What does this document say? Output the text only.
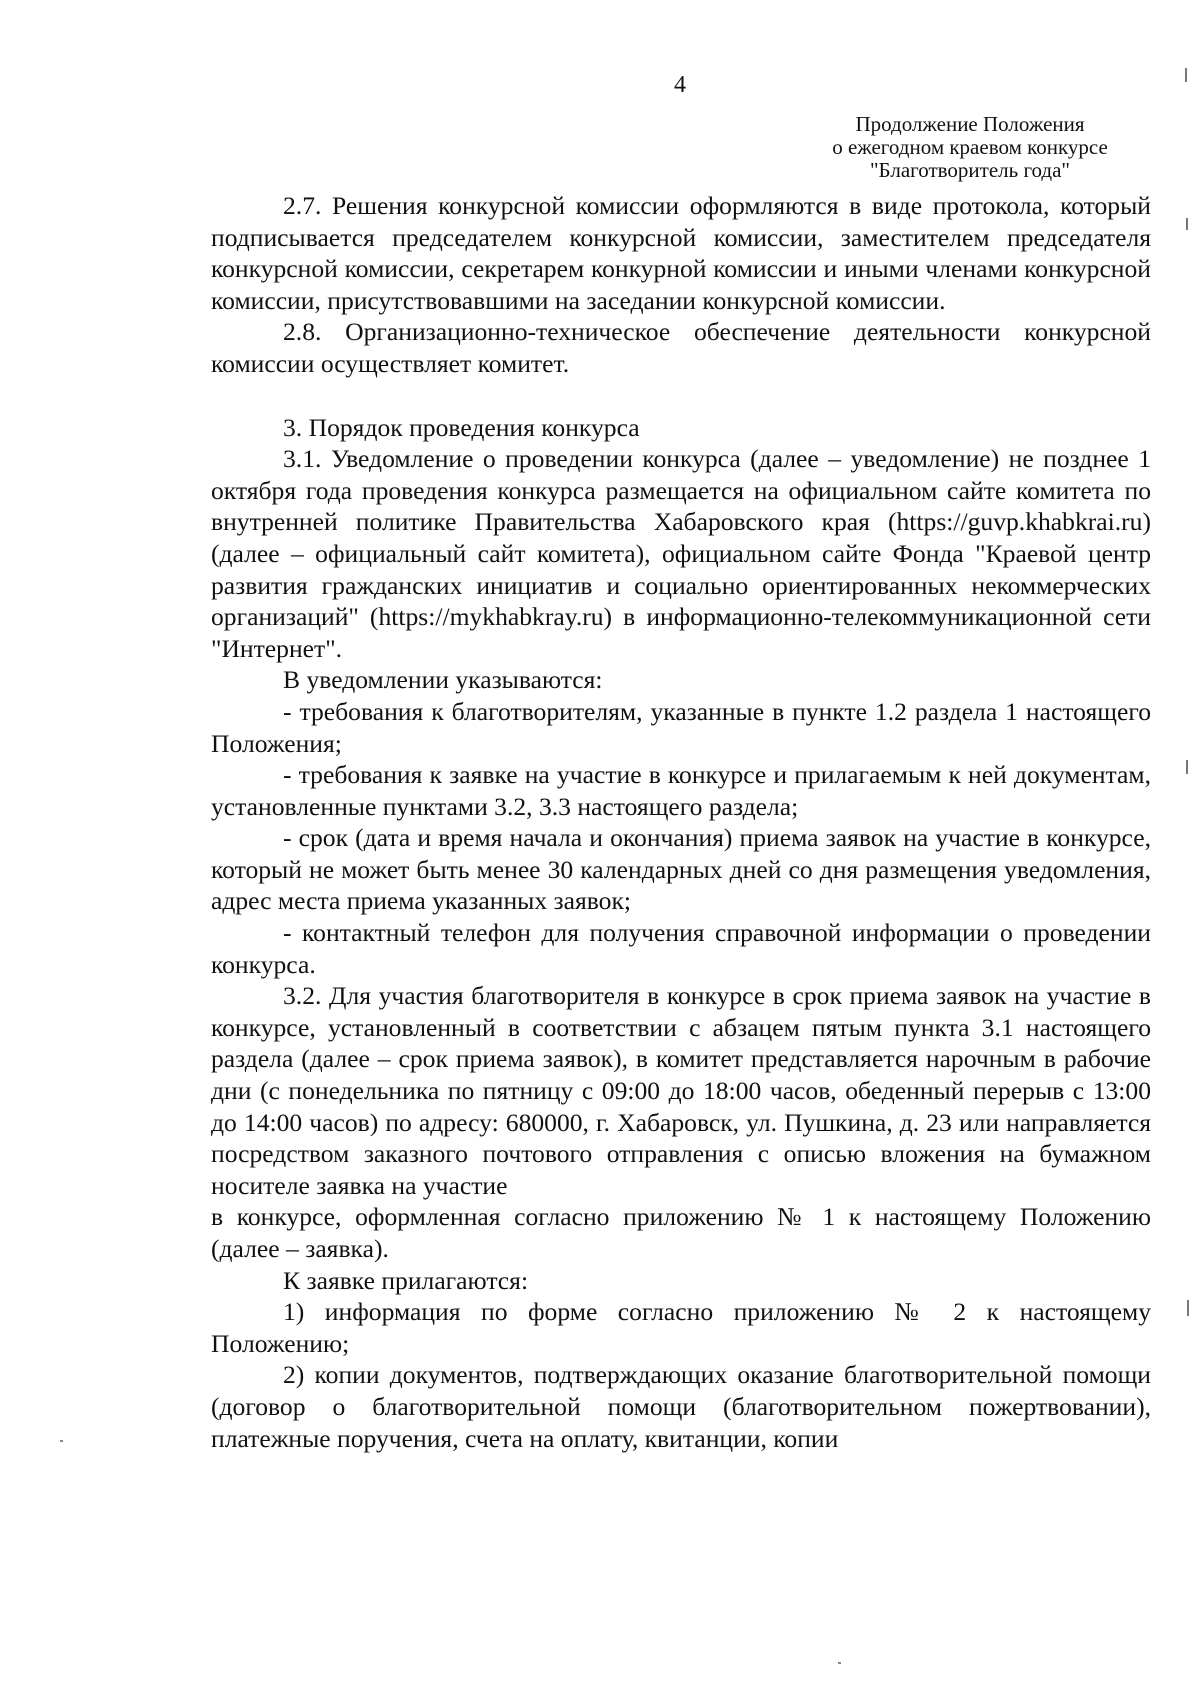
4
Продолжение Положения
о ежегодном краевом конкурсе
"Благотворитель года"

2.7. Решения конкурсной комиссии оформляются в виде протокола, который подписывается председателем конкурсной комиссии, заместителем председателя конкурсной комиссии, секретарем конкурной комиссии и иными членами конкурсной комиссии, присутствовавшими на заседании конкурсной комиссии.

2.8. Организационно-техническое обеспечение деятельности конкурсной комиссии осуществляет комитет.

3. Порядок проведения конкурса

3.1. Уведомление о проведении конкурса (далее – уведомление) не позднее 1 октября года проведения конкурса размещается на официальном сайте комитета по внутренней политике Правительства Хабаровского края (https://guvp.khabkrai.ru) (далее – официальный сайт комитета), официальном сайте Фонда "Краевой центр развития гражданских инициатив и социально ориентированных некоммерческих организаций" (https://mykhabkray.ru) в информационно-телекоммуникационной сети "Интернет".

В уведомлении указываются:

- требования к благотворителям, указанные в пункте 1.2 раздела 1 настоящего Положения;

- требования к заявке на участие в конкурсе и прилагаемым к ней документам, установленные пунктами 3.2, 3.3 настоящего раздела;

- срок (дата и время начала и окончания) приема заявок на участие в конкурсе, который не может быть менее 30 календарных дней со дня размещения уведомления, адрес места приема указанных заявок;

- контактный телефон для получения справочной информации о проведении конкурса.

3.2. Для участия благотворителя в конкурсе в срок приема заявок на участие в конкурсе, установленный в соответствии с абзацем пятым пункта 3.1 настоящего раздела (далее – срок приема заявок), в комитет представляется нарочным в рабочие дни (с понедельника по пятницу с 09:00 до 18:00 часов, обеденный перерыв с 13:00 до 14:00 часов) по адресу: 680000, г. Хабаровск, ул. Пушкина, д. 23 или направляется посредством заказного почтового отправления с описью вложения на бумажном носителе заявка на участие

в конкурсе, оформленная согласно приложению № 1 к настоящему Положению (далее – заявка).

К заявке прилагаются:

1) информация по форме согласно приложению № 2 к настоящему Положению;

2) копии документов, подтверждающих оказание благотворительной помощи (договор о благотворительной помощи (благотворительном пожертвовании), платежные поручения, счета на оплату, квитанции, копии
